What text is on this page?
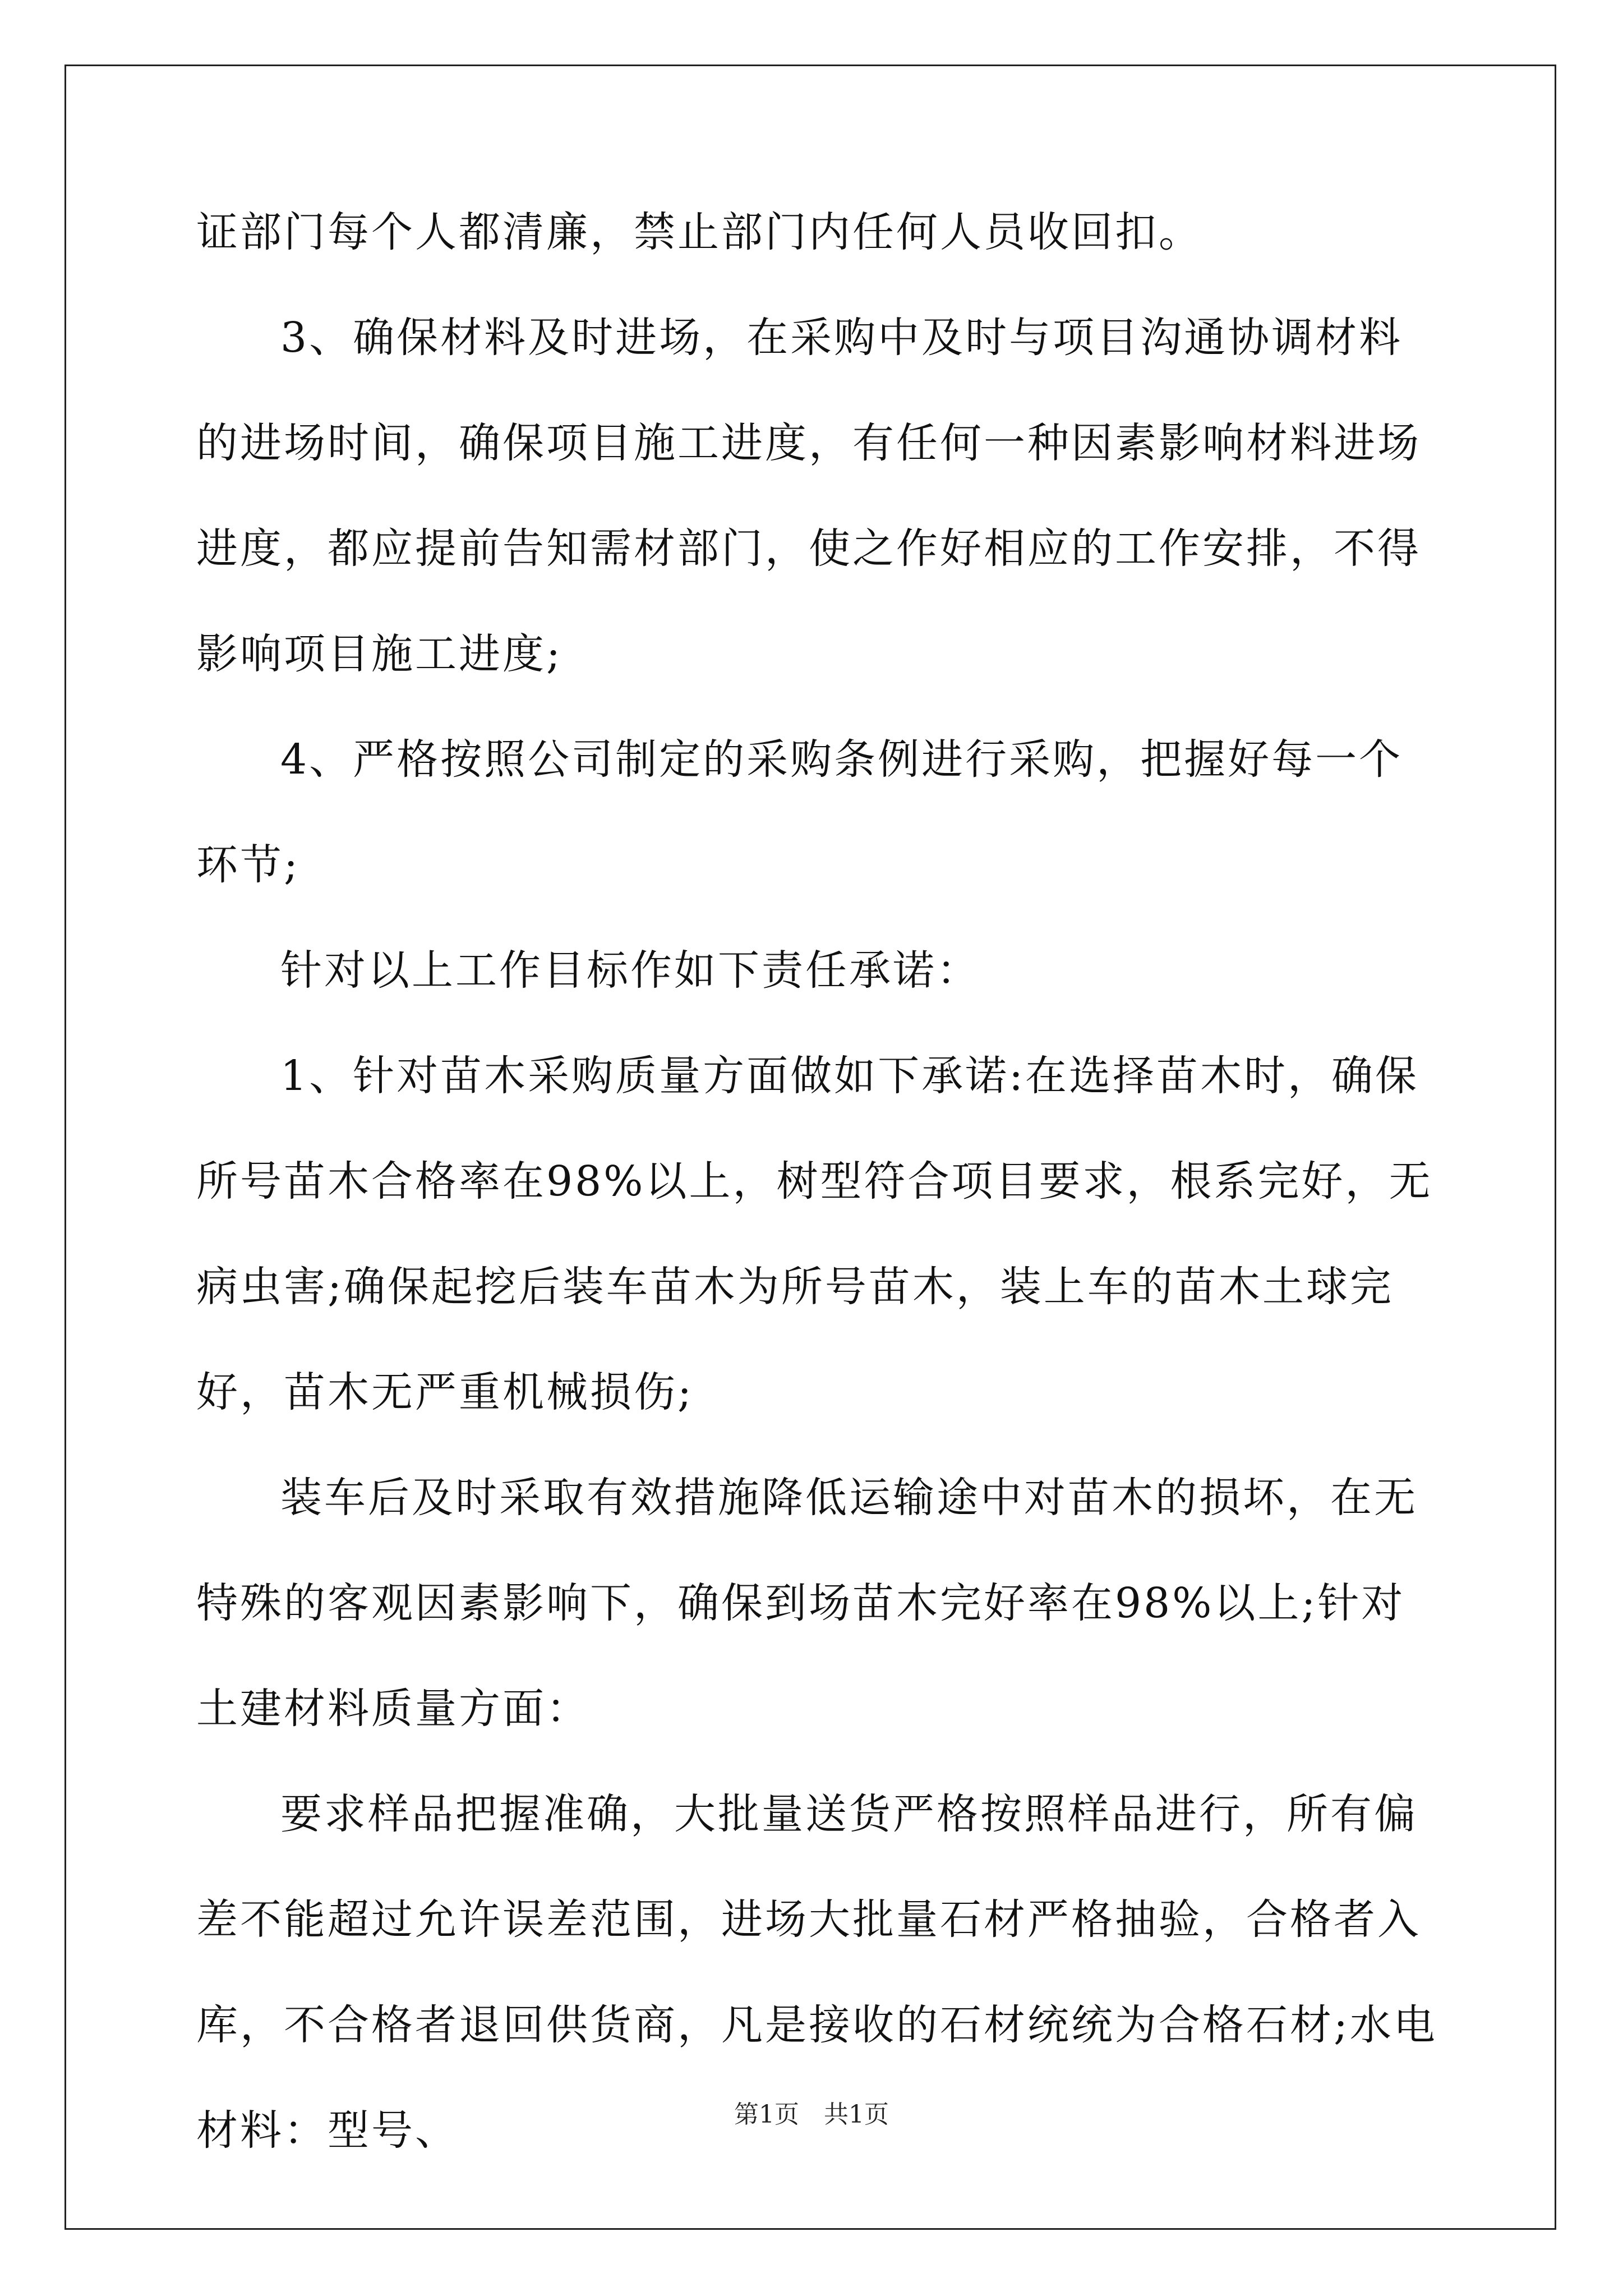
证部门每个人都清廉，禁止部门内任何人员收回扣。

3、确保材料及时进场，在采购中及时与项目沟通协调材料的进场时间，确保项目施工进度，有任何一种因素影响材料进场进度，都应提前告知需材部门，使之作好相应的工作安排，不得影响项目施工进度;

4、严格按照公司制定的采购条例进行采购，把握好每一个环节;

针对以上工作目标作如下责任承诺：

1、针对苗木采购质量方面做如下承诺:在选择苗木时，确保所号苗木合格率在98%以上，树型符合项目要求，根系完好，无病虫害;确保起挖后装车苗木为所号苗木，装上车的苗木土球完好，苗木无严重机械损伤;

装车后及时采取有效措施降低运输途中对苗木的损坏，在无特殊的客观因素影响下，确保到场苗木完好率在98%以上;针对土建材料质量方面：

要求样品把握准确，大批量送货严格按照样品进行，所有偏差不能超过允许误差范围，进场大批量石材严格抽验，合格者入库，不合格者退回供货商，凡是接收的石材统统为合格石材;水电材料：型号、	第1页 共1页
